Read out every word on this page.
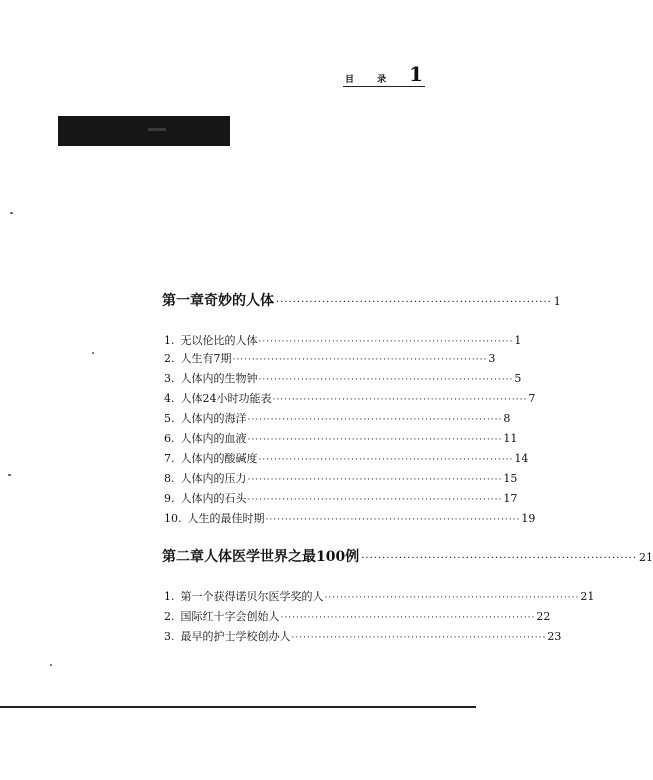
目 录 1
第一章 奇妙的人体 ·································································· 1
1. 无以伦比的人体 ·································································· 1
2. 人生有7期 ·································································· 3
3. 人体内的生物钟 ·································································· 5
4. 人体24小时功能表 ·································································· 7
5. 人体内的海洋 ·································································· 8
6. 人体内的血液 ·································································· 11
7. 人体内的酸碱度 ·································································· 14
8. 人体内的压力 ·································································· 15
9. 人体内的石头 ·································································· 17
10. 人生的最佳时期 ·································································· 19
第二章 人体医学世界之最100例 ·································································· 21
1. 第一个获得诺贝尔医学奖的人 ·································································· 21
2. 国际红十字会创始人 ·································································· 22
3. 最早的护士学校创办人 ·································································· 23
